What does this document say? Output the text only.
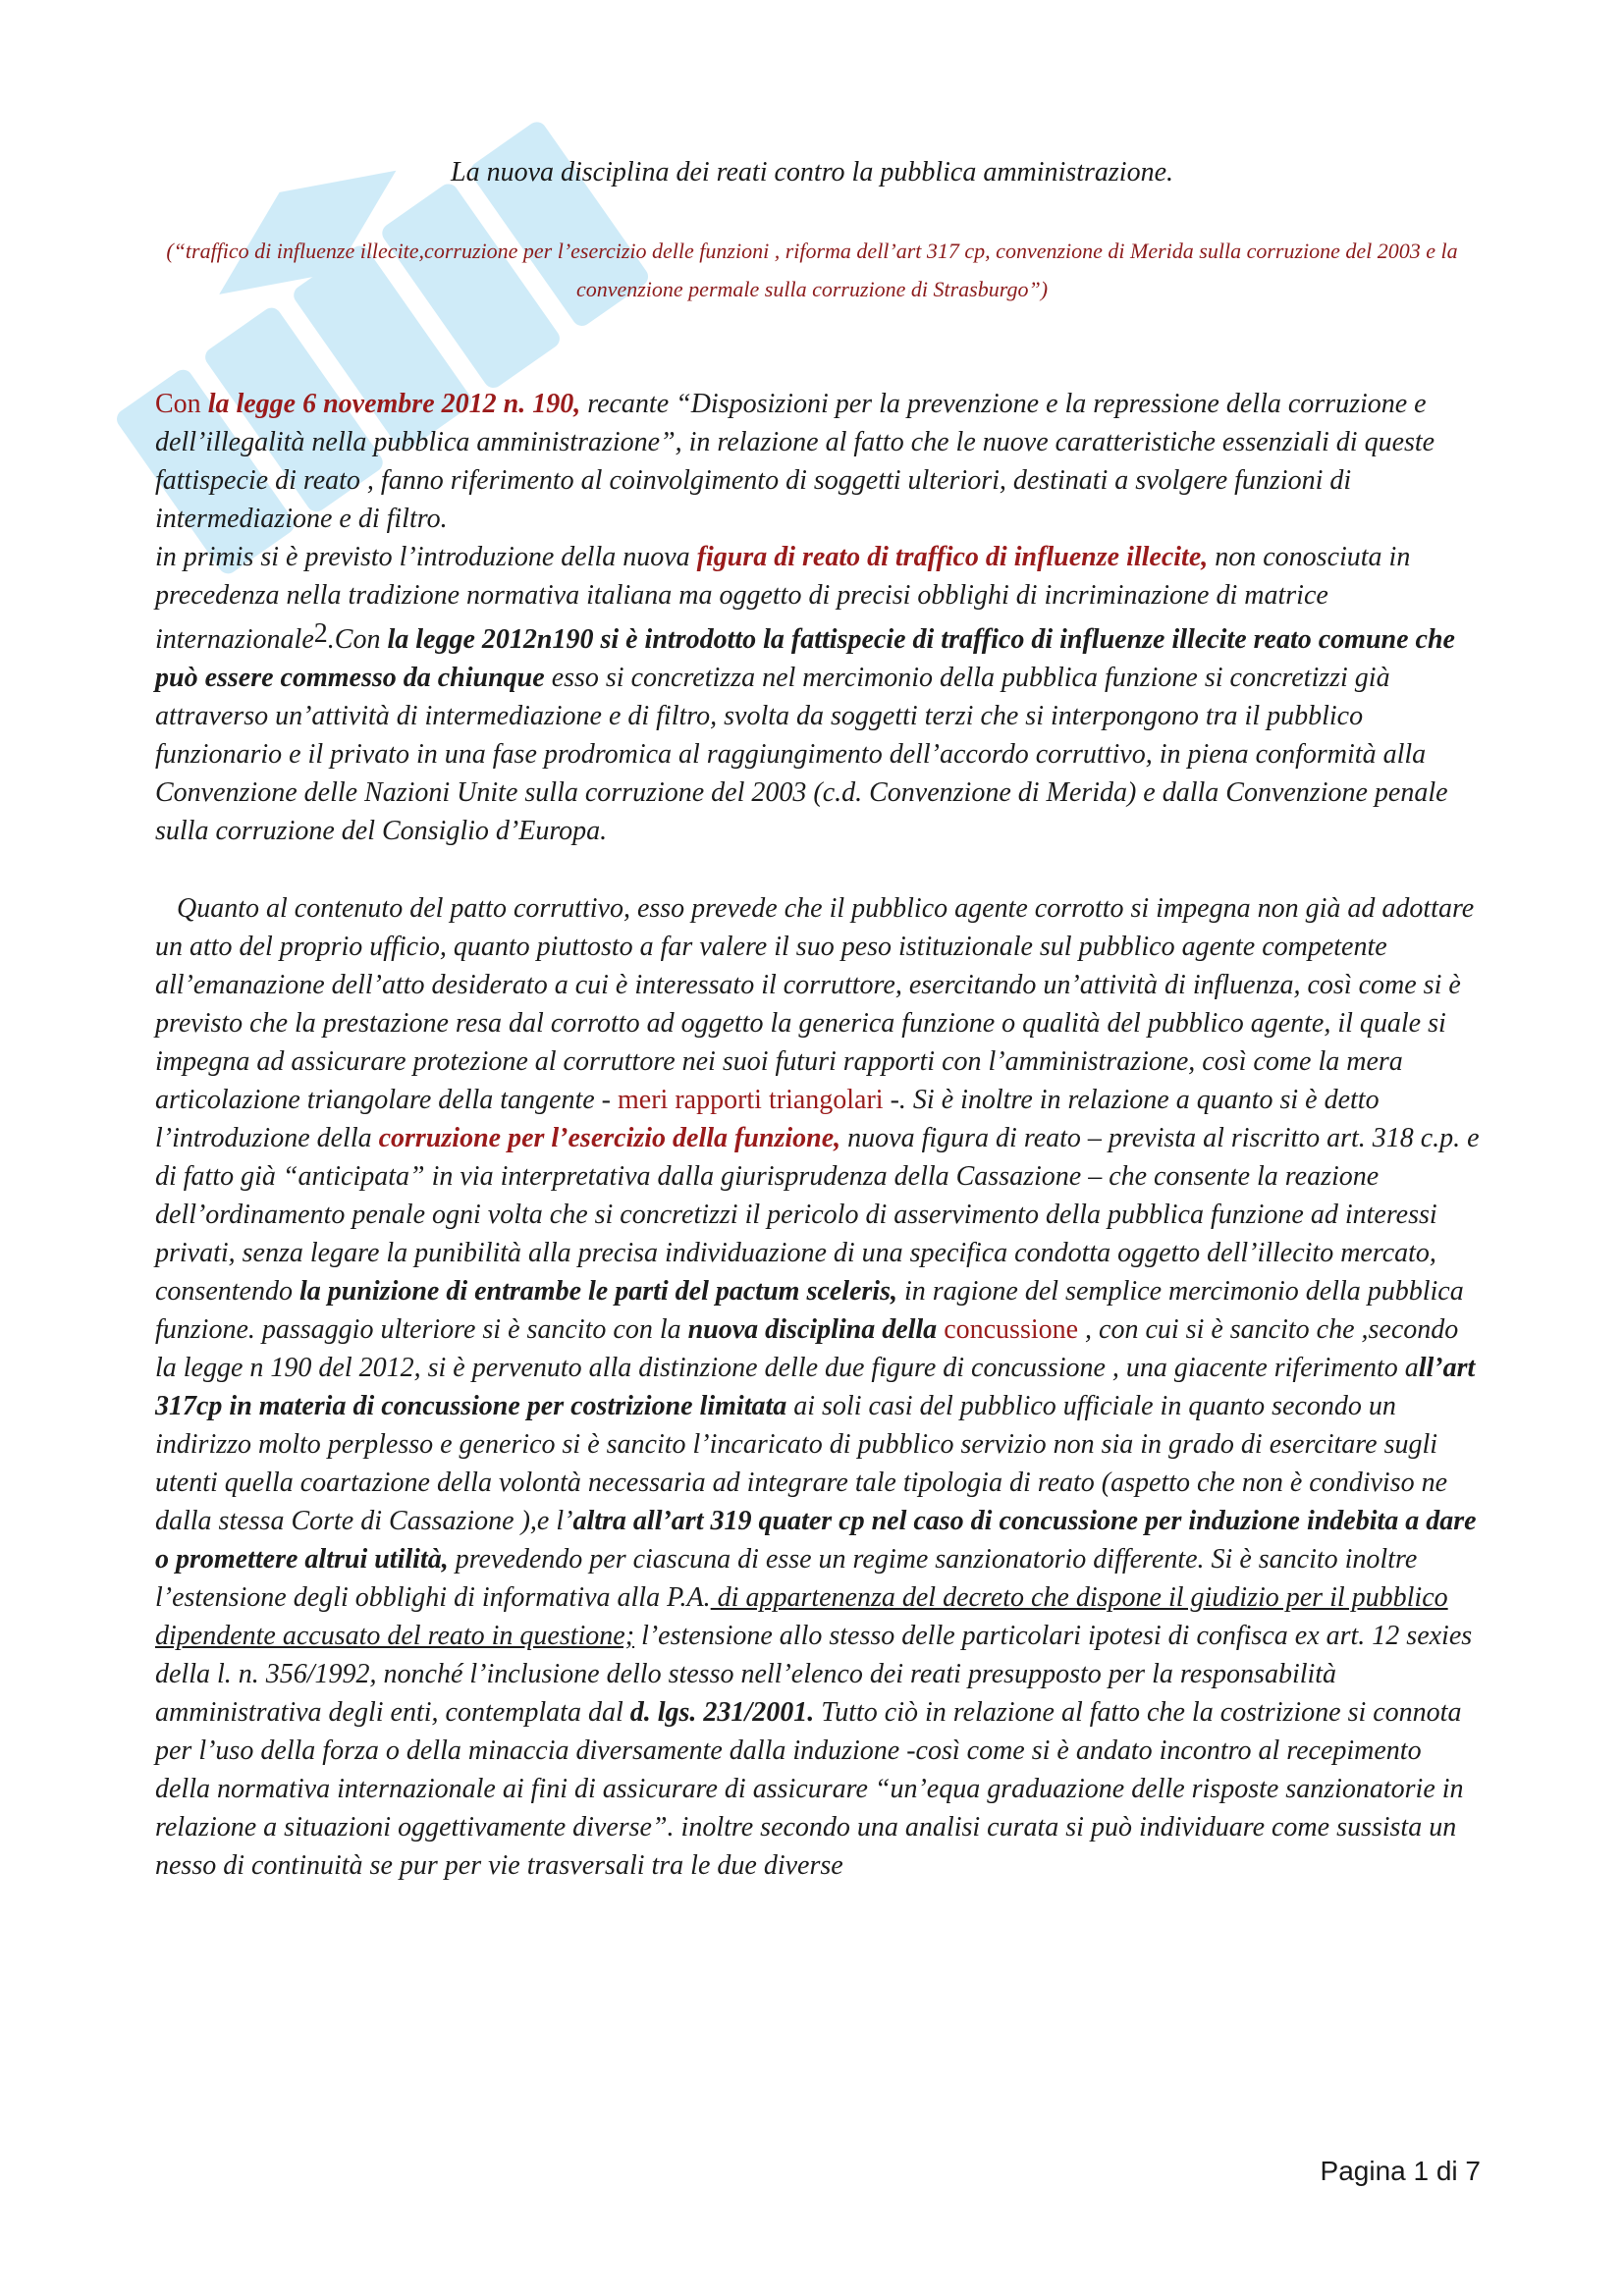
La nuova disciplina dei reati contro la pubblica amministrazione.
(“traffico di influenze illecite,corruzione per l’esercizio delle funzioni , riforma dell’art 317 cp, convenzione di Merida sulla corruzione del 2003 e la convenzione permale sulla corruzione di Strasburgo”)

Con la legge 6 novembre 2012 n. 190, recante “Disposizioni per la prevenzione e la repressione della corruzione e dell’illegalità nella pubblica amministrazione”, in relazione al fatto che le nuove caratteristiche essenziali di queste fattispecie di reato , fanno riferimento al coinvolgimento di soggetti ulteriori, destinati a svolgere funzioni di intermediazione e di filtro.
in primis si è previsto l’introduzione della nuova figura di reato di traffico di influenze illecite, non conosciuta in precedenza nella tradizione normativa italiana ma oggetto di precisi obblighi di incriminazione di matrice internazionale2.Con la legge 2012n190 si è introdotto la fattispecie di traffico di influenze illecite reato comune che può essere commesso da chiunque esso si concretizza nel mercimonio della pubblica funzione si concretizzi già attraverso un’attività di intermediazione e di filtro, svolta da soggetti terzi che si interpongono tra il pubblico funzionario e il privato in una fase prodromica al raggiungimento dell’accordo corruttivo, in piena conformità alla Convenzione delle Nazioni Unite sulla corruzione del 2003 (c.d. Convenzione di Merida) e dalla Convenzione penale sulla corruzione del Consiglio d’Europa.

Quanto al contenuto del patto corruttivo, esso prevede che il pubblico agente corrotto si impegna non già ad adottare un atto del proprio ufficio, quanto piuttosto a far valere il suo peso istituzionale sul pubblico agente competente all’emanazione dell’atto desiderato a cui è interessato il corruttore, esercitando un’attività di influenza, così come si è previsto che la prestazione resa dal corrotto ad oggetto la generica funzione o qualità del pubblico agente, il quale si impegna ad assicurare protezione al corruttore nei suoi futuri rapporti con l’amministrazione, così come la mera articolazione triangolare della tangente - meri rapporti triangolari -. Si è inoltre in relazione a quanto si è detto l’introduzione della corruzione per l’esercizio della funzione, nuova figura di reato – prevista al riscritto art. 318 c.p. e di fatto già “anticipata” in via interpretativa dalla giurisprudenza della Cassazione – che consente la reazione dell’ordinamento penale ogni volta che si concretizzi il pericolo di asservimento della pubblica funzione ad interessi privati, senza legare la punibilità alla precisa individuazione di una specifica condotta oggetto dell’illecito mercato, consentendo la punizione di entrambe le parti del pactum sceleris, in ragione del semplice mercimonio della pubblica funzione. passaggio ulteriore si è sancito con la nuova disciplina della concussione , con cui si è sancito che ,secondo la legge n 190 del 2012, si è pervenuto alla distinzione delle due figure di concussione , una giacente riferimento all’art 317cp in materia di concussione per costrizione limitata ai soli casi del pubblico ufficiale in quanto secondo un indirizzo molto perplesso e generico si è sancito l’incaricato di pubblico servizio non sia in grado di esercitare sugli utenti quella coartazione della volontà necessaria ad integrare tale tipologia di reato (aspetto che non è condiviso ne dalla stessa Corte di Cassazione ),e l’altra all’art 319 quater cp nel caso di concussione per induzione indebita a dare o promettere altrui utilità, prevedendo per ciascuna di esse un regime sanzionatorio differente. Si è sancito inoltre l’estensione degli obblighi di informativa alla P.A. di appartenenza del decreto che dispone il giudizio per il pubblico dipendente accusato del reato in questione; l’estensione allo stesso delle particolari ipotesi di confisca ex art. 12 sexies della l. n. 356/1992, nonché l’inclusione dello stesso nell’elenco dei reati presupposto per la responsabilità amministrativa degli enti, contemplata dal d. lgs. 231/2001. Tutto ciò in relazione al fatto che la costrizione si connota per l’uso della forza o della minaccia diversamente dalla induzione -così come si è andato incontro al recepimento della normativa internazionale ai fini di assicurare di assicurare “un’equa graduazione delle risposte sanzionatorie in relazione a situazioni oggettivamente diverse”. inoltre secondo una analisi curata si può individuare come sussista un nesso di continuità se pur per vie trasversali tra le due diverse

Pagina 1 di 7
